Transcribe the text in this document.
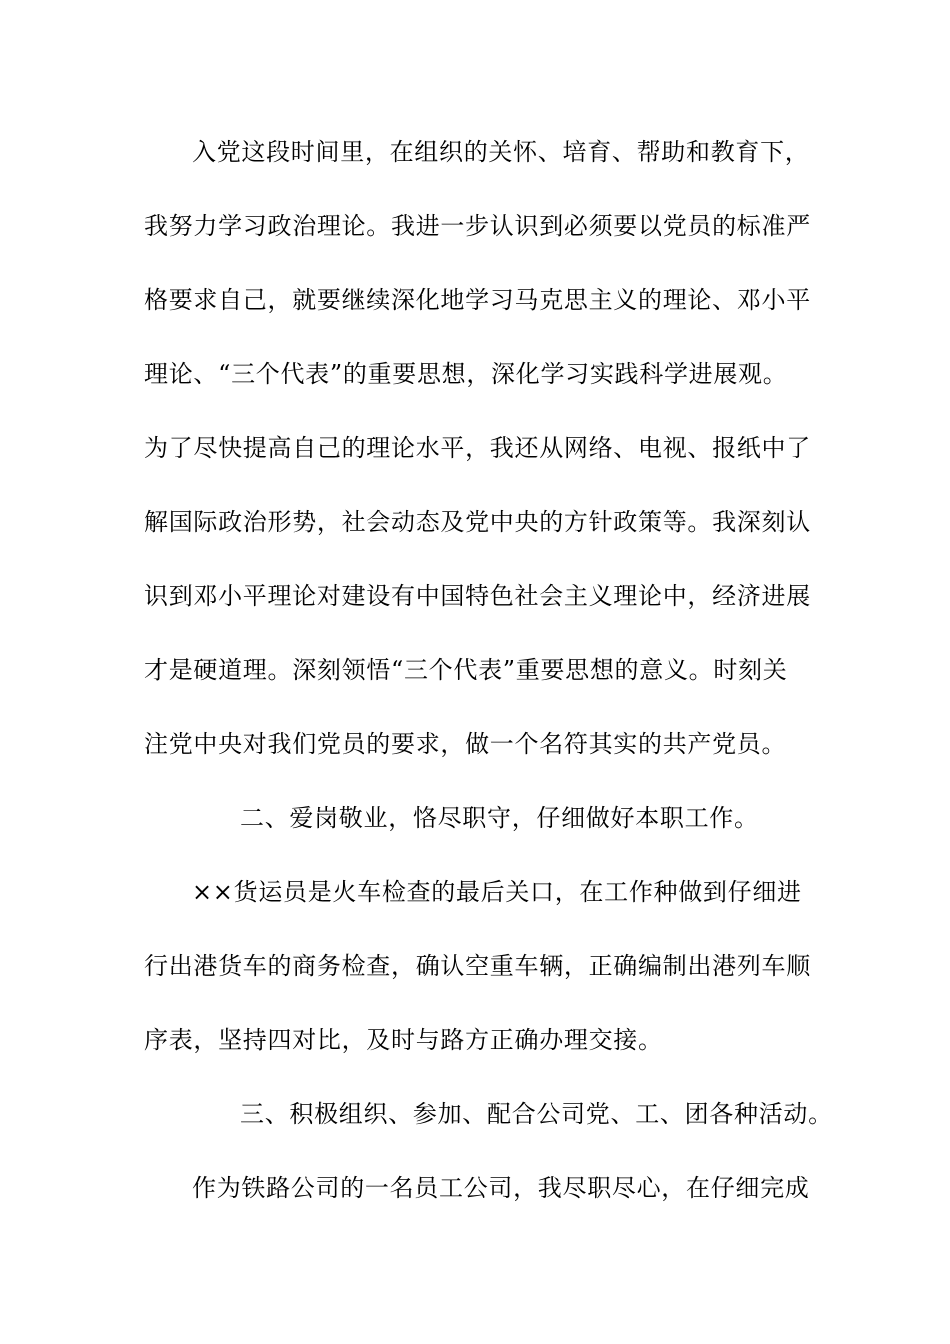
入党这段时间里，在组织的关怀、培育、帮助和教育下，
我努力学习政治理论。我进一步认识到必须要以党员的标准严
格要求自己，就要继续深化地学习马克思主义的理论、邓小平
理论、“三个代表”的重要思想，深化学习实践科学进展观。
为了尽快提高自己的理论水平，我还从网络、电视、报纸中了
解国际政治形势，社会动态及党中央的方针政策等。我深刻认
识到邓小平理论对建设有中国特色社会主义理论中，经济进展
才是硬道理。深刻领悟“三个代表”重要思想的意义。时刻关
注党中央对我们党员的要求，做一个名符其实的共产党员。
二、爱岗敬业，恪尽职守，仔细做好本职工作。
××货运员是火车检查的最后关口，在工作种做到仔细进
行出港货车的商务检查，确认空重车辆，正确编制出港列车顺
序表，坚持四对比，及时与路方正确办理交接。
三、积极组织、参加、配合公司党、工、团各种活动。
作为铁路公司的一名员工公司，我尽职尽心，在仔细完成
